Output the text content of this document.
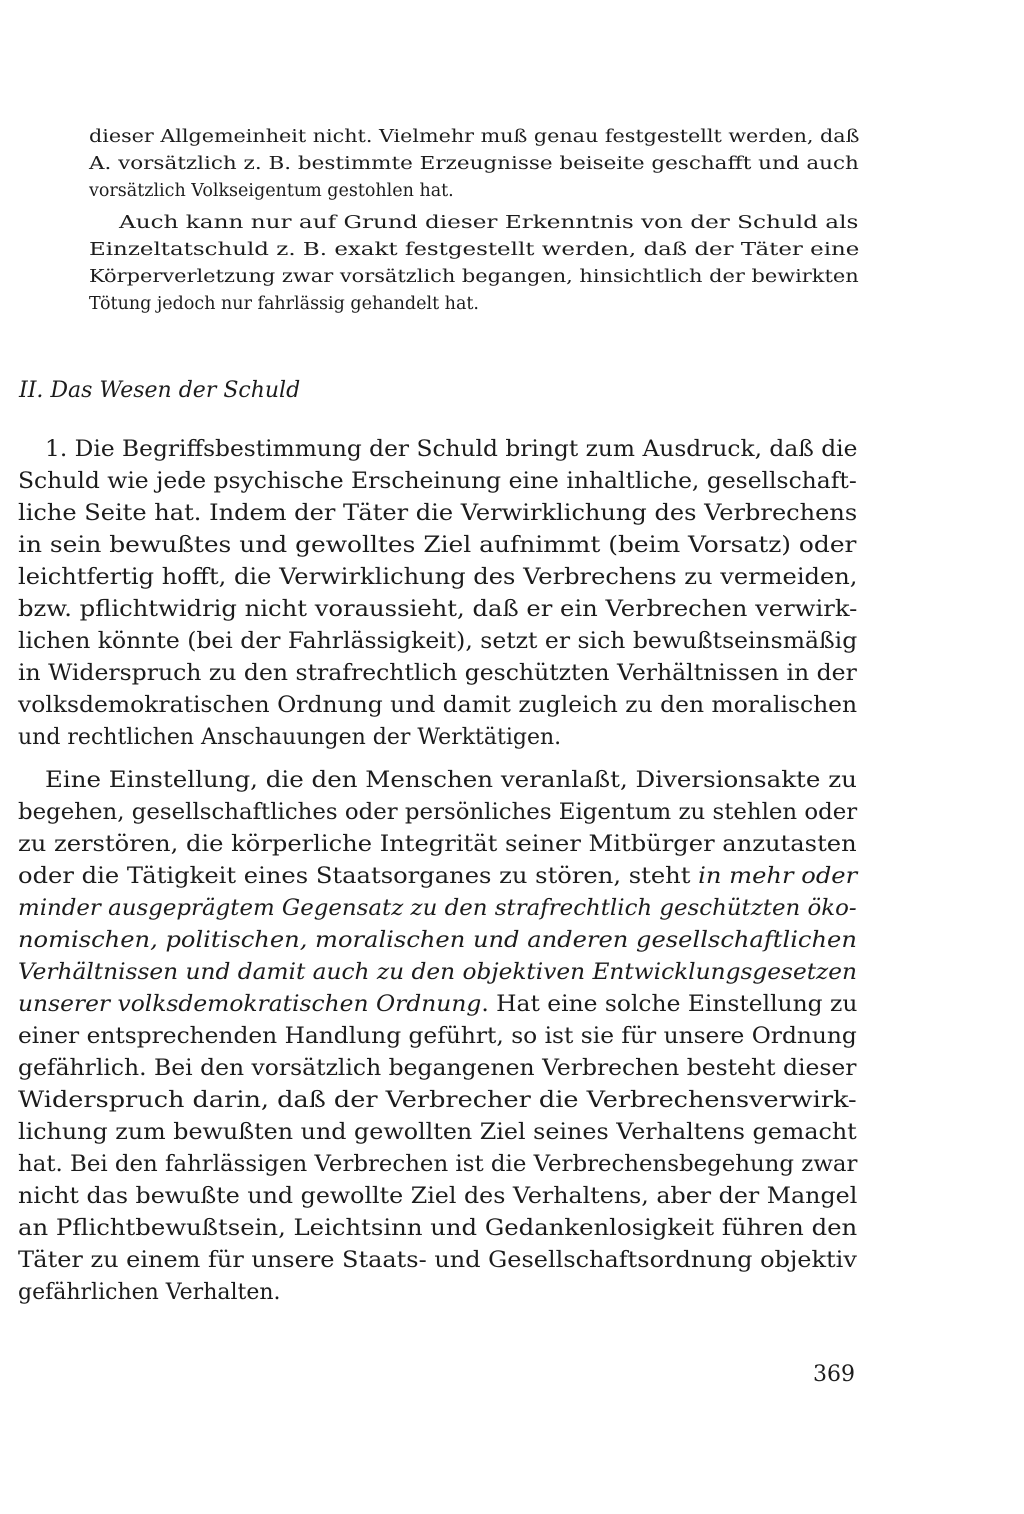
dieser Allgemeinheit nicht. Vielmehr muß genau festgestellt werden, daß
A. vorsätzlich z. B. bestimmte Erzeugnisse beiseite geschafft und auch
vorsätzlich Volkseigentum gestohlen hat.
Auch kann nur auf Grund dieser Erkenntnis von der Schuld als
Einzeltatschuld z. B. exakt festgestellt werden, daß der Täter eine
Körperverletzung zwar vorsätzlich begangen, hinsichtlich der bewirkten
Tötung jedoch nur fahrlässig gehandelt hat.
II. Das Wesen der Schuld
1. Die Begriffsbestimmung der Schuld bringt zum Ausdruck, daß die
Schuld wie jede psychische Erscheinung eine inhaltliche, gesellschaft-
liche Seite hat. Indem der Täter die Verwirklichung des Verbrechens
in sein bewußtes und gewolltes Ziel aufnimmt (beim Vorsatz) oder
leichtfertig hofft, die Verwirklichung des Verbrechens zu vermeiden,
bzw. pflichtwidrig nicht voraussieht, daß er ein Verbrechen verwirk-
lichen könnte (bei der Fahrlässigkeit), setzt er sich bewußtseinsmäßig
in Widerspruch zu den strafrechtlich geschützten Verhältnissen in der
volksdemokratischen Ordnung und damit zugleich zu den moralischen
und rechtlichen Anschauungen der Werktätigen.
Eine Einstellung, die den Menschen veranlaßt, Diversionsakte zu
begehen, gesellschaftliches oder persönliches Eigentum zu stehlen oder
zu zerstören, die körperliche Integrität seiner Mitbürger anzutasten
oder die Tätigkeit eines Staatsorganes zu stören, steht in mehr oder
minder ausgeprägtem Gegensatz zu den strafrechtlich geschützten öko-
nomischen, politischen, moralischen und anderen gesellschaftlichen
Verhältnissen und damit auch zu den objektiven Entwicklungsgesetzen
unserer volksdemokratischen Ordnung. Hat eine solche Einstellung zu
einer entsprechenden Handlung geführt, so ist sie für unsere Ordnung
gefährlich. Bei den vorsätzlich begangenen Verbrechen besteht dieser
Widerspruch darin, daß der Verbrecher die Verbrechensverwirk-
lichung zum bewußten und gewollten Ziel seines Verhaltens gemacht
hat. Bei den fahrlässigen Verbrechen ist die Verbrechensbegehung zwar
nicht das bewußte und gewollte Ziel des Verhaltens, aber der Mangel
an Pflichtbewußtsein, Leichtsinn und Gedankenlosigkeit führen den
Täter zu einem für unsere Staats- und Gesellschaftsordnung objektiv
gefährlichen Verhalten.
369
